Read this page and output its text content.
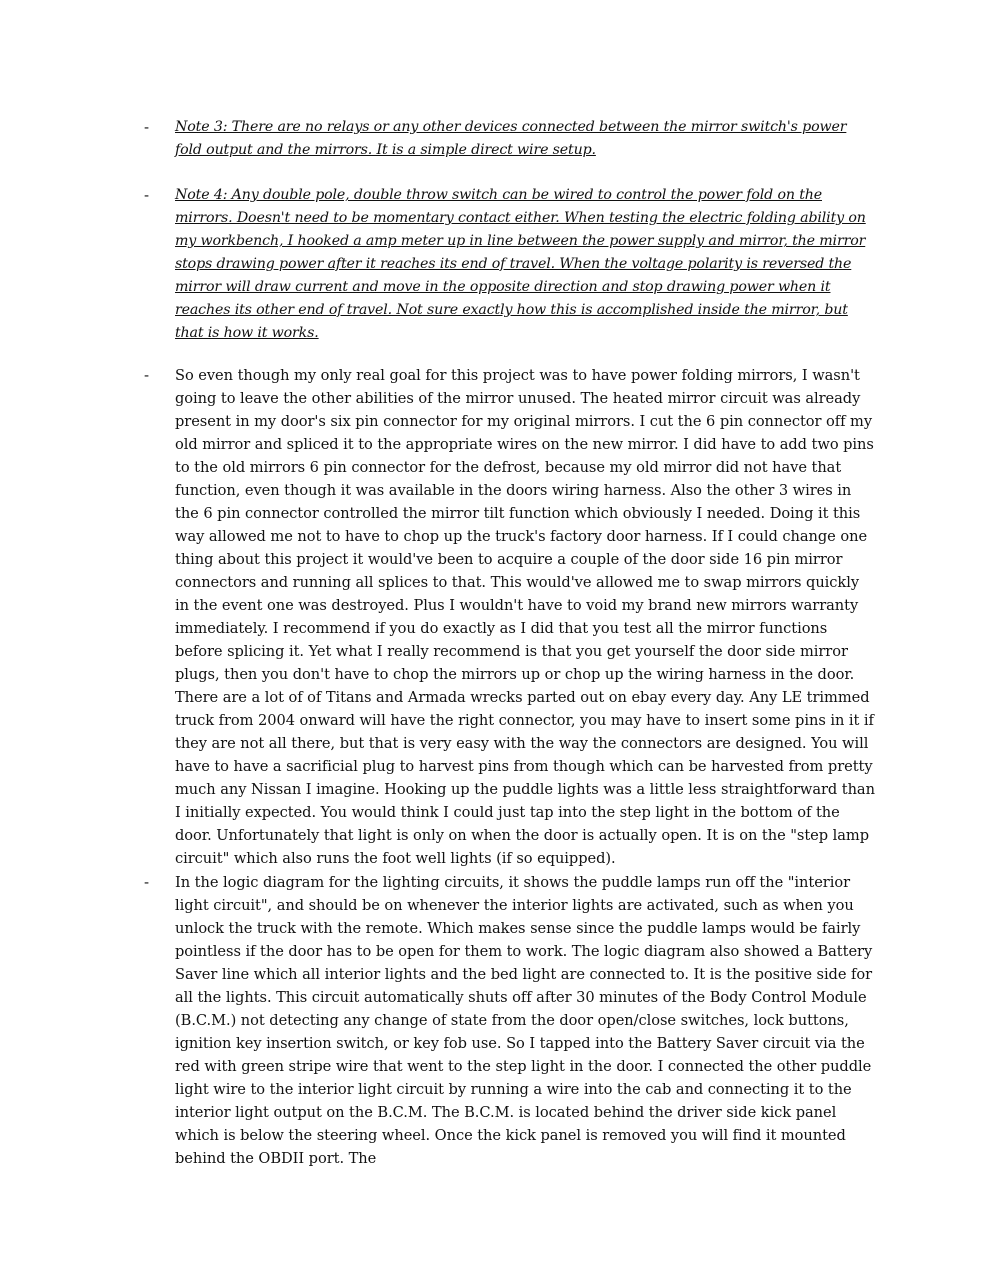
- Note 3: There are no relays or any other devices connected between the mirror switch's power fold output and the mirrors. It is a simple direct wire setup.
- Note 4: Any double pole, double throw switch can be wired to control the power fold on the mirrors. Doesn't need to be momentary contact either. When testing the electric folding ability on my workbench, I hooked a amp meter up in line between the power supply and mirror, the mirror stops drawing power after it reaches its end of travel. When the voltage polarity is reversed the mirror will draw current and move in the opposite direction and stop drawing power when it reaches its other end of travel. Not sure exactly how this is accomplished inside the mirror, but that is how it works.
- So even though my only real goal for this project was to have power folding mirrors, I wasn't going to leave the other abilities of the mirror unused. The heated mirror circuit was already present in my door's six pin connector for my original mirrors. I cut the 6 pin connector off my old mirror and spliced it to the appropriate wires on the new mirror. I did have to add two pins to the old mirrors 6 pin connector for the defrost, because my old mirror did not have that function, even though it was available in the doors wiring harness. Also the other 3 wires in the 6 pin connector controlled the mirror tilt function which obviously I needed. Doing it this way allowed me not to have to chop up the truck's factory door harness. If I could change one thing about this project it would've been to acquire a couple of the door side 16 pin mirror connectors and running all splices to that. This would've allowed me to swap mirrors quickly in the event one was destroyed. Plus I wouldn't have to void my brand new mirrors warranty immediately. I recommend if you do exactly as I did that you test all the mirror functions before splicing it. Yet what I really recommend is that you get yourself the door side mirror plugs, then you don't have to chop the mirrors up or chop up the wiring harness in the door. There are a lot of of Titans and Armada wrecks parted out on ebay every day. Any LE trimmed truck from 2004 onward will have the right connector, you may have to insert some pins in it if they are not all there, but that is very easy with the way the connectors are designed. You will have to have a sacrificial plug to harvest pins from though which can be harvested from pretty much any Nissan I imagine. Hooking up the puddle lights was a little less straightforward than I initially expected. You would think I could just tap into the step light in the bottom of the door. Unfortunately that light is only on when the door is actually open. It is on the "step lamp circuit" which also runs the foot well lights (if so equipped).
- In the logic diagram for the lighting circuits, it shows the puddle lamps run off the "interior light circuit", and should be on whenever the interior lights are activated, such as when you unlock the truck with the remote. Which makes sense since the puddle lamps would be fairly pointless if the door has to be open for them to work. The logic diagram also showed a Battery Saver line which all interior lights and the bed light are connected to. It is the positive side for all the lights. This circuit automatically shuts off after 30 minutes of the Body Control Module (B.C.M.) not detecting any change of state from the door open/close switches, lock buttons, ignition key insertion switch, or key fob use. So I tapped into the Battery Saver circuit via the red with green stripe wire that went to the step light in the door. I connected the other puddle light wire to the interior light circuit by running a wire into the cab and connecting it to the interior light output on the B.C.M. The B.C.M. is located behind the driver side kick panel which is below the steering wheel. Once the kick panel is removed you will find it mounted behind the OBDII port. The
